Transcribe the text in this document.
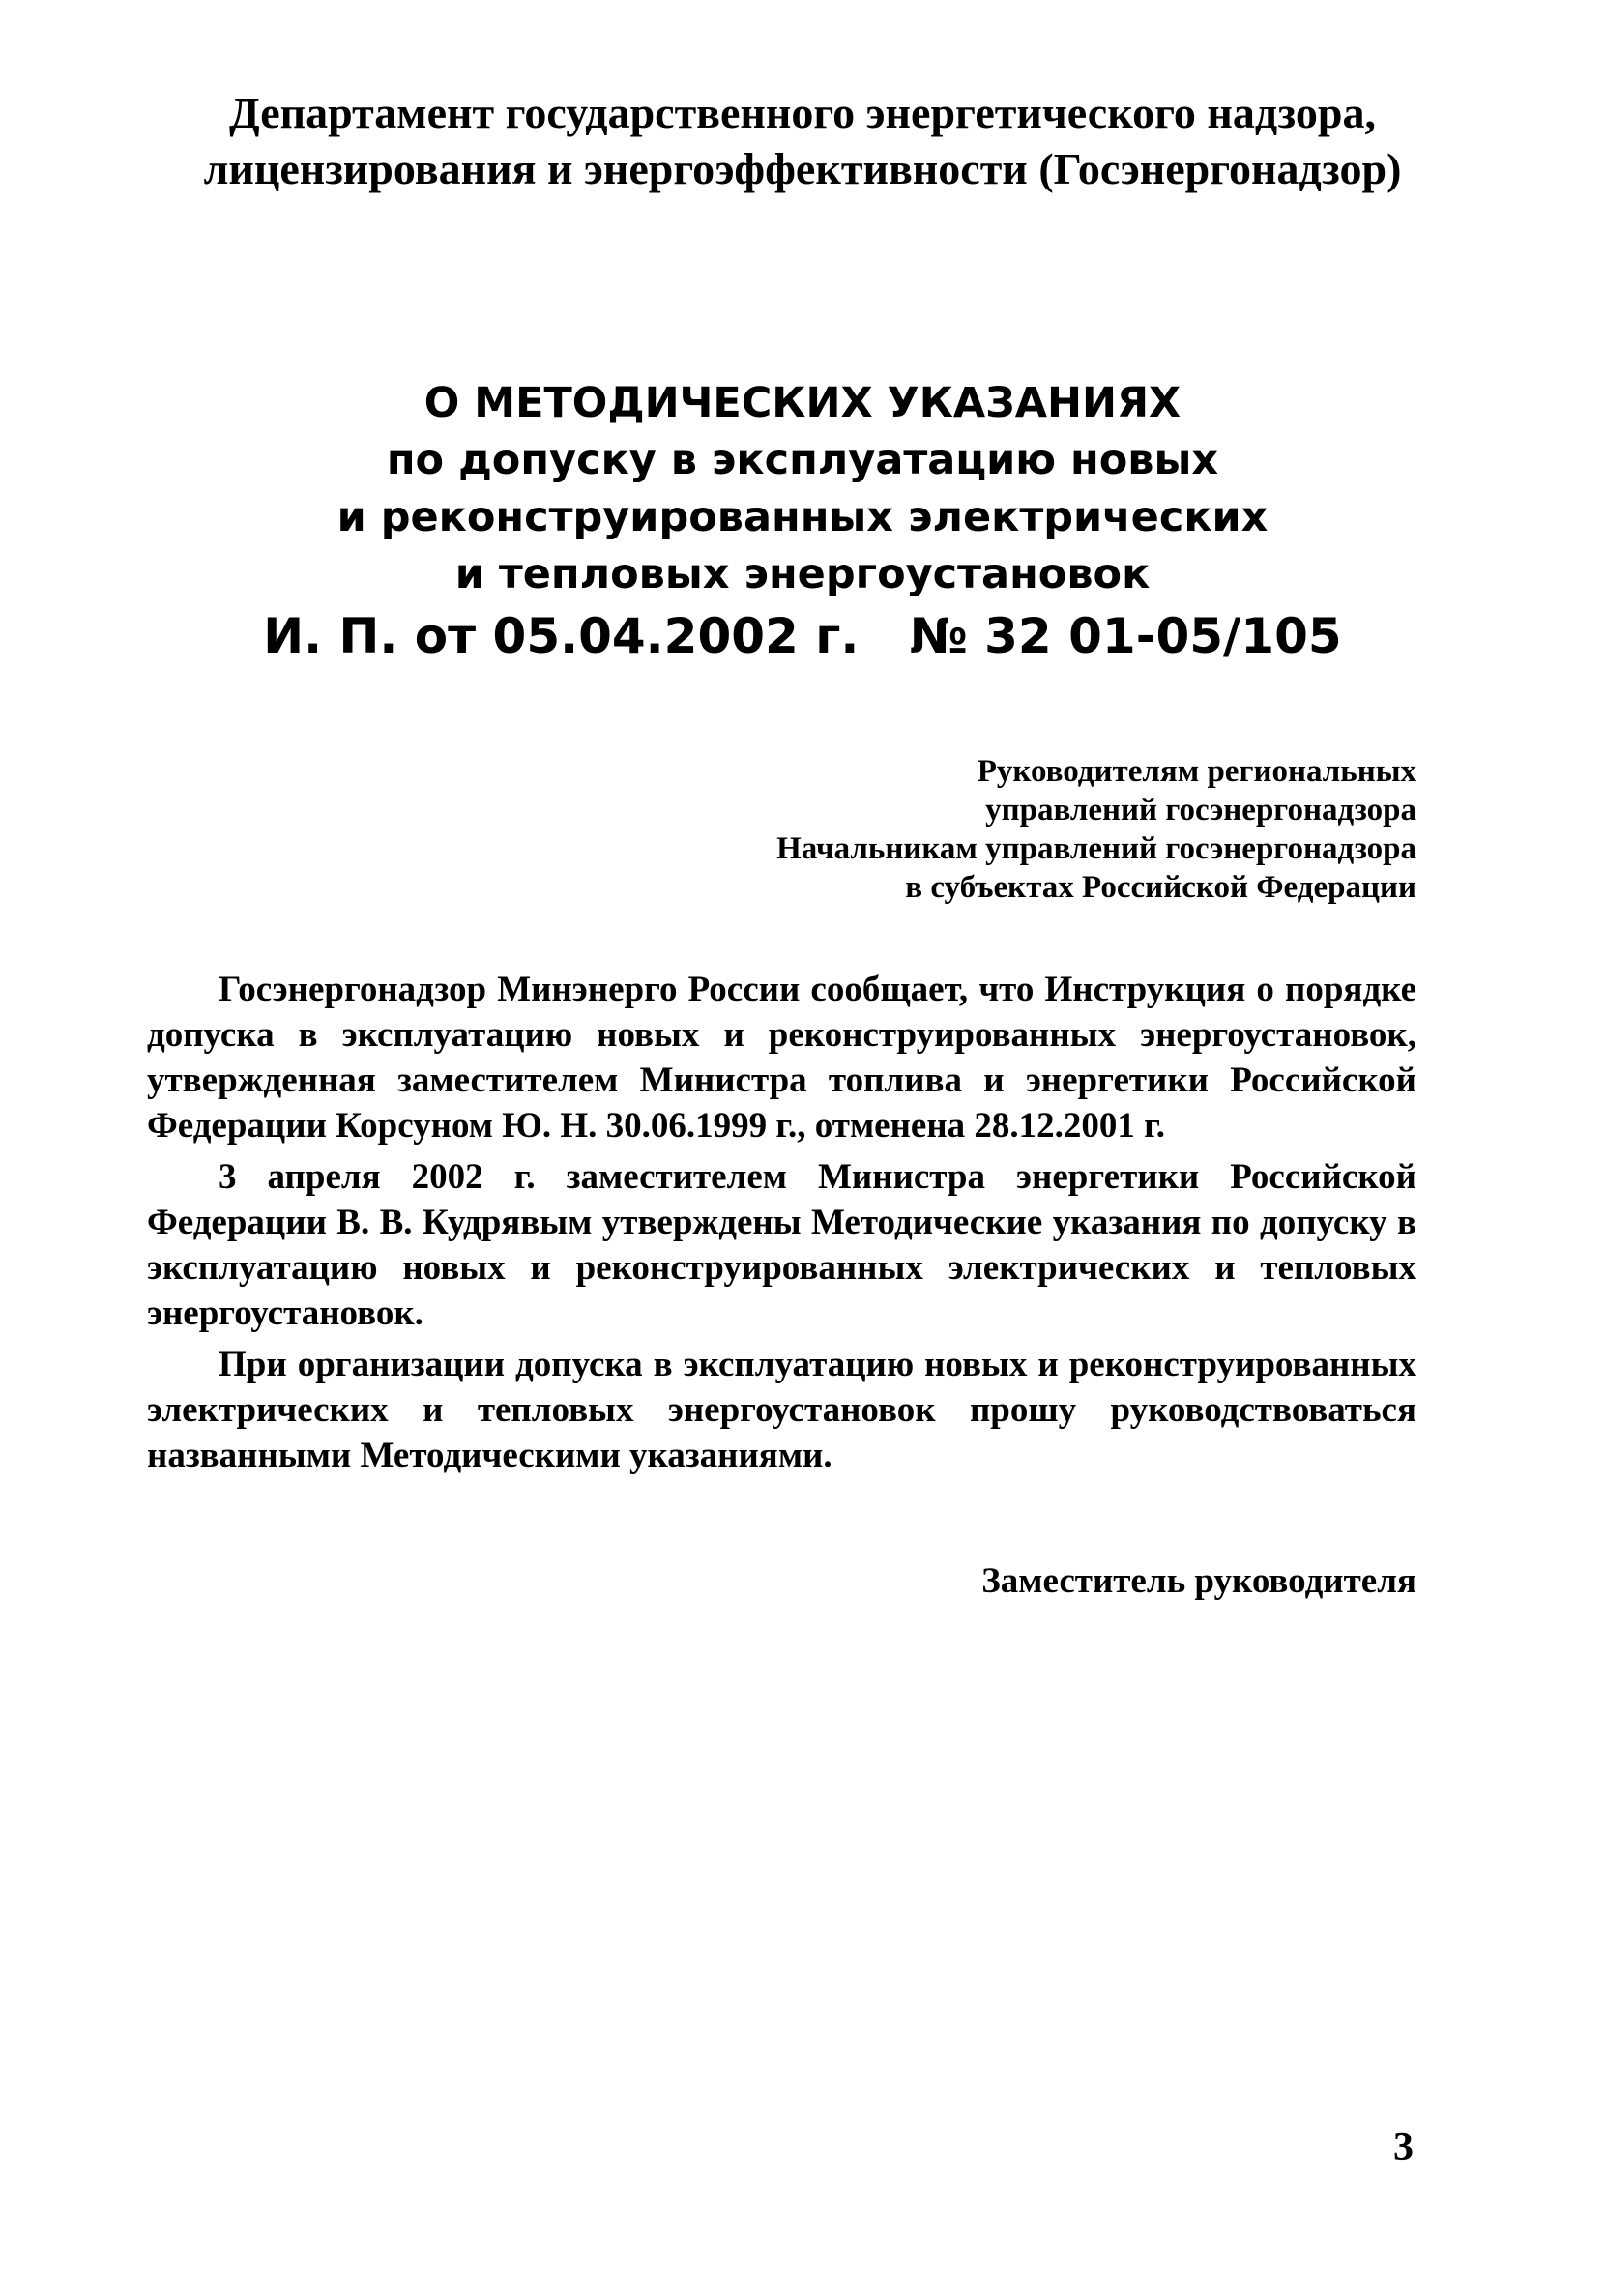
Департамент государственного энергетического надзора,
лицензирования и энергоэффективности (Госэнергонадзор)
О МЕТОДИЧЕСКИХ УКАЗАНИЯХ
по допуску в эксплуатацию новых
и реконструированных электрических
и тепловых энергоустановок
И. П. от 05.04.2002 г.   № 32 01-05/105
Руководителям региональных
управлений госэнергонадзора
Начальникам управлений госэнергонадзора
в субъектах Российской Федерации

Госэнергонадзор Минэнерго России сообщает, что Инструкция о порядке допуска в эксплуатацию новых и реконструированных энергоустановок, утвержденная заместителем Министра топлива и энергетики Российской Федерации Корсуном Ю. Н. 30.06.1999 г., отменена 28.12.2001 г.

3 апреля 2002 г. заместителем Министра энергетики Российской Федерации В. В. Кудрявым утверждены Методические указания по допуску в эксплуатацию новых и реконструированных электрических и тепловых энергоустановок.

При организации допуска в эксплуатацию новых и реконструированных электрических и тепловых энергоустановок прошу руководствоваться названными Методическими указаниями.

Заместитель руководителя
3
